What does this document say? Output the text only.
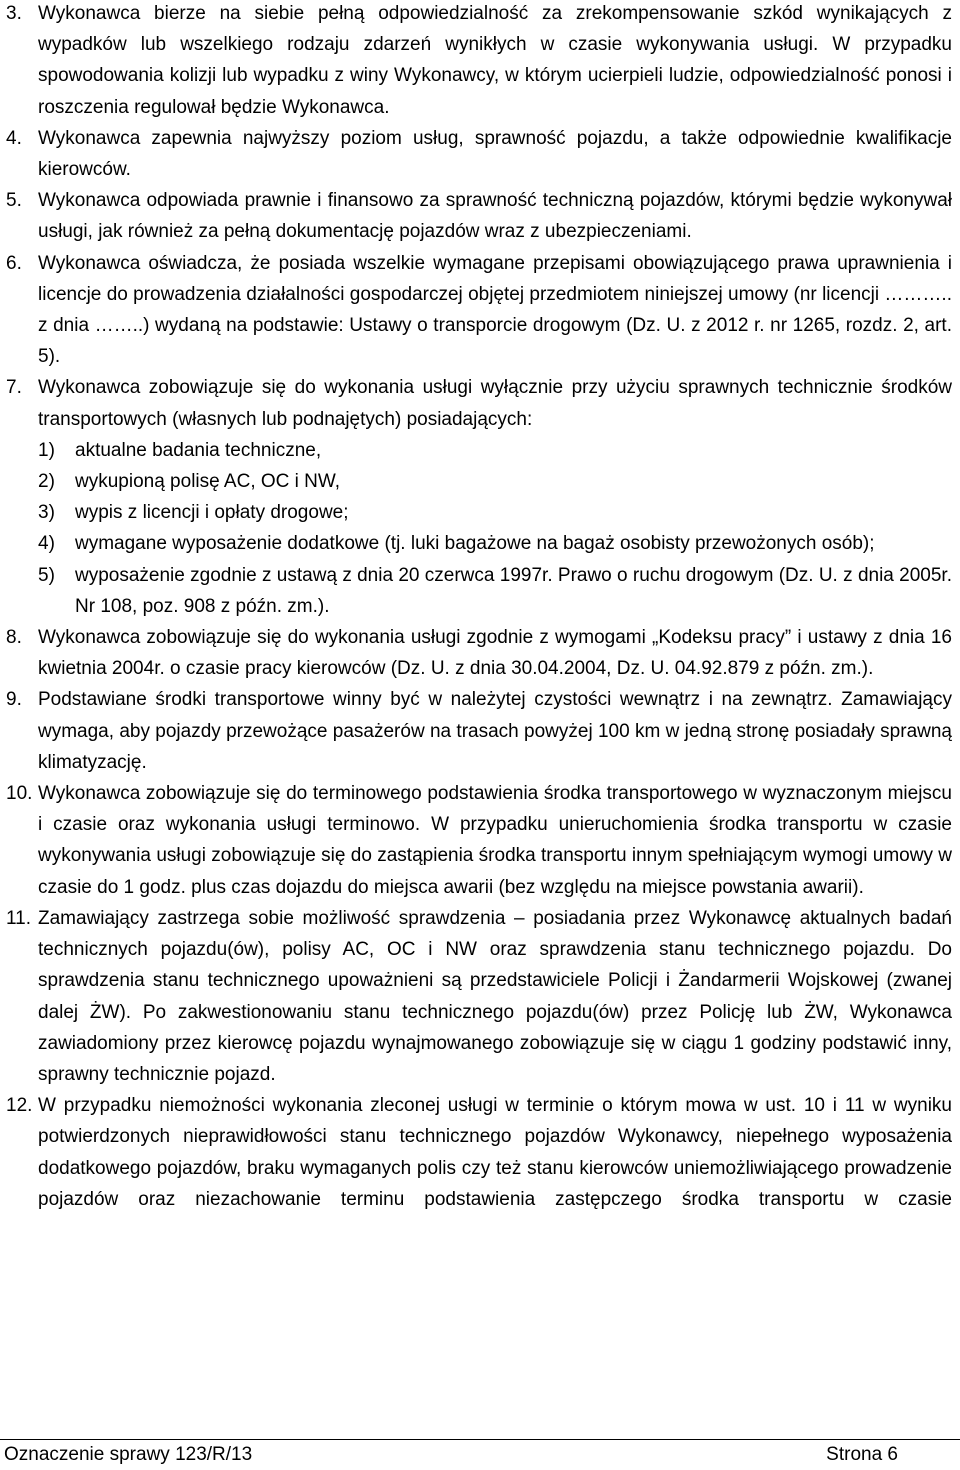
3. Wykonawca bierze na siebie pełną odpowiedzialność za zrekompensowanie szkód wynikających z wypadków lub wszelkiego rodzaju zdarzeń wynikłych w czasie wykonywania usługi. W przypadku spowodowania kolizji lub wypadku z winy Wykonawcy, w którym ucierpieli ludzie, odpowiedzialność ponosi i roszczenia regulował będzie Wykonawca.
4. Wykonawca zapewnia najwyższy poziom usług, sprawność pojazdu, a także odpowiednie kwalifikacje kierowców.
5. Wykonawca odpowiada prawnie i finansowo za sprawność techniczną pojazdów, którymi będzie wykonywał usługi, jak również za pełną dokumentację pojazdów wraz z ubezpieczeniami.
6. Wykonawca oświadcza, że posiada wszelkie wymagane przepisami obowiązującego prawa uprawnienia i licencje do prowadzenia działalności gospodarczej objętej przedmiotem niniejszej umowy (nr licencji ……….. z dnia ……..) wydaną na podstawie: Ustawy o transporcie drogowym (Dz. U. z 2012 r. nr 1265, rozdz. 2, art. 5).
7. Wykonawca zobowiązuje się do wykonania usługi wyłącznie przy użyciu sprawnych technicznie środków transportowych (własnych lub podnajętych) posiadających:
1)	aktualne badania techniczne,
2)	wykupioną polisę AC, OC i NW,
3)	wypis z licencji i opłaty drogowe;
4)	wymagane wyposażenie dodatkowe (tj. luki bagażowe na bagaż osobisty przewożonych osób);
5)	wyposażenie zgodnie z ustawą z dnia 20 czerwca 1997r. Prawo o ruchu drogowym (Dz. U. z dnia 2005r. Nr 108, poz. 908 z późn. zm.).
8. Wykonawca zobowiązuje się do wykonania usługi zgodnie z wymogami „Kodeksu pracy” i ustawy z dnia 16 kwietnia 2004r. o czasie pracy kierowców (Dz. U. z dnia 30.04.2004, Dz. U. 04.92.879 z późn. zm.).
9. Podstawiane środki transportowe winny być w należytej czystości wewnątrz i na zewnątrz. Zamawiający wymaga, aby pojazdy przewożące pasażerów na trasach powyżej 100 km w jedną stronę posiadały sprawną klimatyzację.
10. Wykonawca zobowiązuje się do terminowego podstawienia środka transportowego w wyznaczonym miejscu i czasie oraz wykonania usługi terminowo. W przypadku unieruchomienia środka transportu w czasie wykonywania usługi zobowiązuje się do zastąpienia środka transportu innym spełniającym wymogi umowy w czasie do 1 godz. plus czas dojazdu do miejsca awarii (bez względu na miejsce powstania awarii).
11. Zamawiający zastrzega sobie możliwość sprawdzenia – posiadania przez Wykonawcę aktualnych badań technicznych pojazdu(ów), polisy AC, OC i NW oraz sprawdzenia stanu technicznego pojazdu. Do sprawdzenia stanu technicznego upoważnieni są przedstawiciele Policji i Żandarmerii Wojskowej (zwanej dalej ŻW). Po zakwestionowaniu stanu technicznego pojazdu(ów) przez Policję lub ŻW, Wykonawca zawiadomiony przez kierowcę pojazdu wynajmowanego zobowiązuje się w ciągu 1 godziny podstawić inny, sprawny technicznie pojazd.
12. W przypadku niemożności wykonania zleconej usługi w terminie o którym mowa w ust. 10 i 11 w wyniku potwierdzonych nieprawidłowości stanu technicznego pojazdów Wykonawcy, niepełnego wyposażenia dodatkowego pojazdów, braku wymaganych polis czy też stanu kierowców uniemożliwiającego prowadzenie pojazdów oraz niezachowanie terminu podstawienia zastępczego środka transportu w czasie
Oznaczenie sprawy 123/R/13	Strona 6
